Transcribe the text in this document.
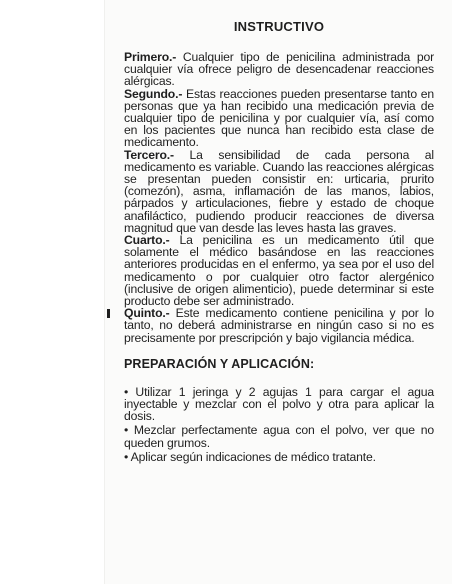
INSTRUCTIVO

Primero.- Cualquier tipo de penicilina administrada por cualquier vía ofrece peligro de desencadenar reacciones alérgicas.

Segundo.- Estas reacciones pueden presentarse tanto en personas que ya han recibido una medicación previa de cualquier tipo de penicilina y por cualquier vía, así como en los pacientes que nunca han recibido esta clase de medicamento.

Tercero.- La sensibilidad de cada persona al medicamento es variable. Cuando las reacciones alérgicas se presentan pueden consistir en: urticaria, prurito (comezón), asma, inflamación de las manos, labios, párpados y articulaciones, fiebre y estado de choque anafiláctico, pudiendo producir reacciones de diversa magnitud que van desde las leves hasta las graves.

Cuarto.- La penicilina es un medicamento útil que solamente el médico basándose en las reacciones anteriores producidas en el enfermo, ya sea por el uso del medicamento o por cualquier otro factor alergénico (inclusive de origen alimenticio), puede determinar si este producto debe ser administrado.

Quinto.- Este medicamento contiene penicilina y por lo tanto, no deberá administrarse en ningún caso si no es precisamente por prescripción y bajo vigilancia médica.

PREPARACIÓN Y APLICACIÓN:
• Utilizar 1 jeringa y 2 agujas 1 para cargar el agua inyectable y mezclar con el polvo y otra para aplicar la dosis.
• Mezclar perfectamente agua con el polvo, ver que no queden grumos.
• Aplicar según indicaciones de médico tratante.
